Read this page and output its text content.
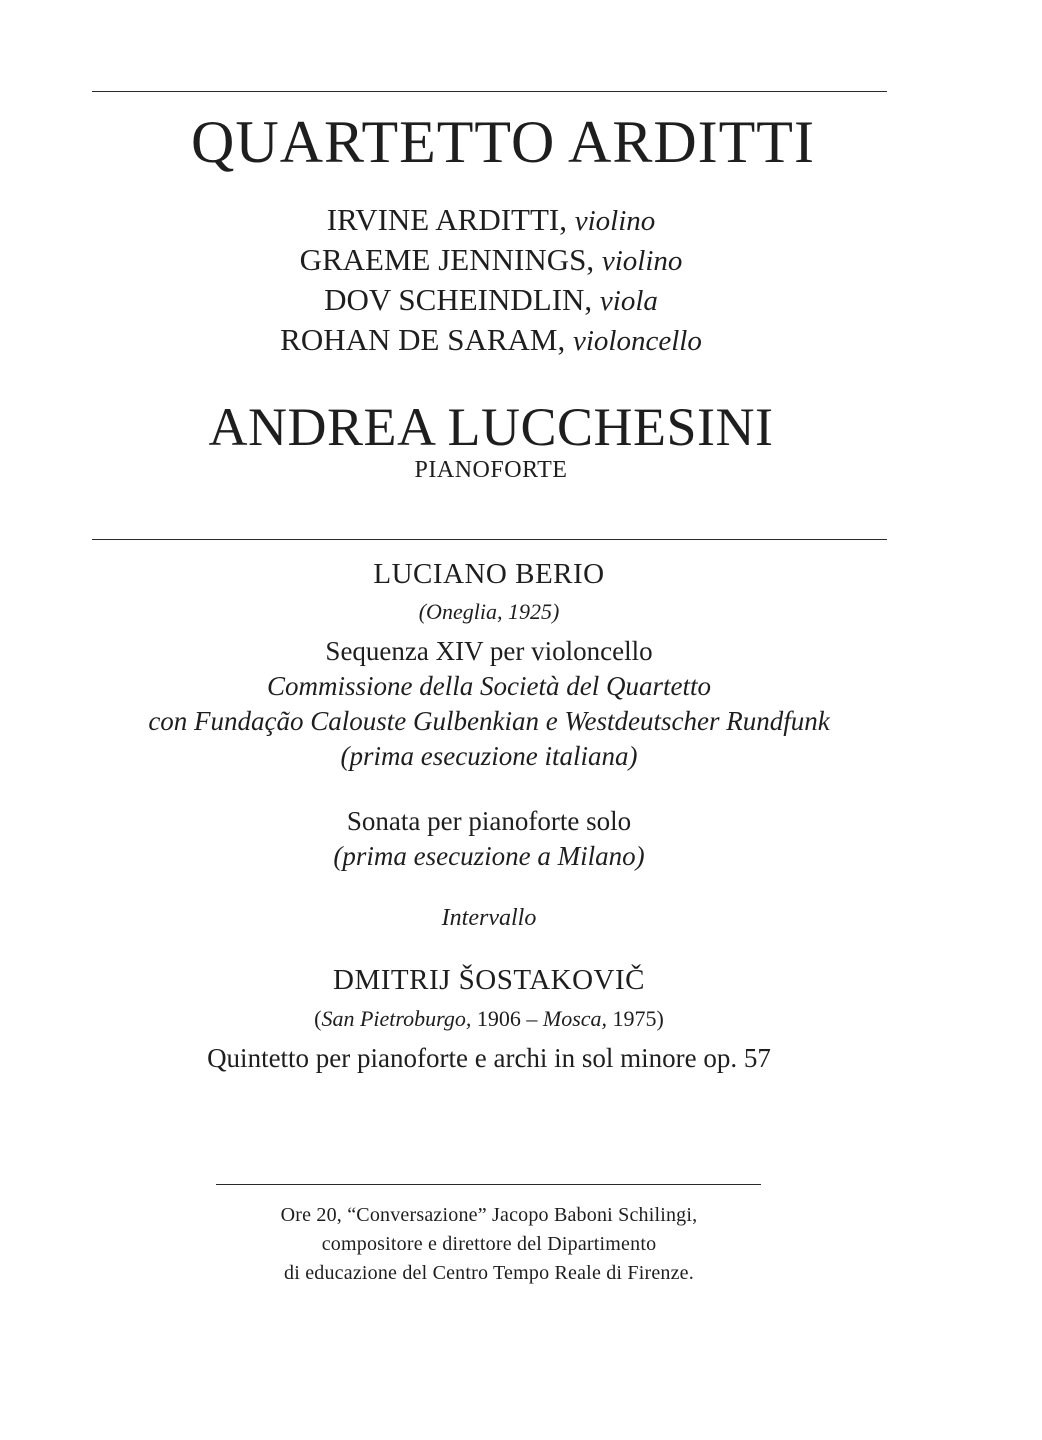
QUARTETTO ARDITTI
IRVINE ARDITTI, violino
GRAEME JENNINGS, violino
DOV SCHEINDLIN, viola
ROHAN DE SARAM, violoncello
ANDREA LUCCHESINI
PIANOFORTE
LUCIANO BERIO
(Oneglia, 1925)
Sequenza XIV per violoncello
Commissione della Società del Quartetto
con Fundação Calouste Gulbenkian e Westdeutscher Rundfunk
(prima esecuzione italiana)
Sonata per pianoforte solo
(prima esecuzione a Milano)
Intervallo
DMITRIJ ŠOSTAKOVIČ
(San Pietroburgo, 1906 – Mosca, 1975)
Quintetto per pianoforte e archi in sol minore op. 57
Ore 20, “Conversazione” Jacopo Baboni Schilingi,
compositore e direttore del Dipartimento
di educazione del Centro Tempo Reale di Firenze.
